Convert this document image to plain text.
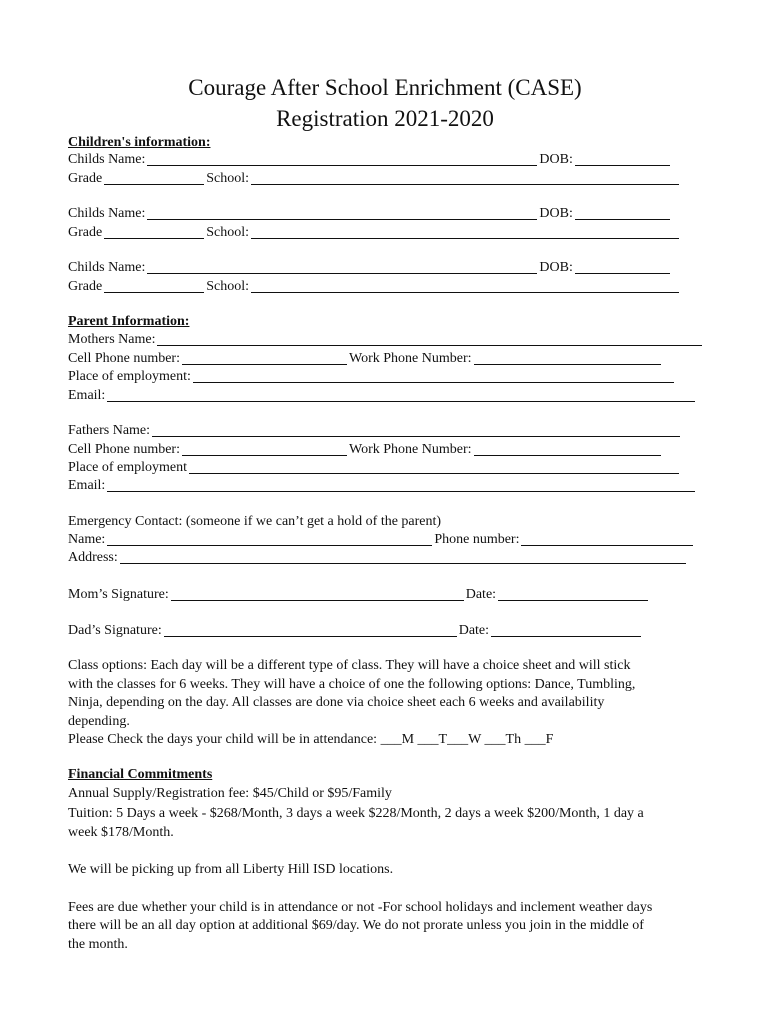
Courage After School Enrichment (CASE)
Registration 2021-2020
Children's information:
Childs Name:	DOB:
Grade	School:
Childs Name:	DOB:
Grade	School:
Childs Name:	DOB:
Grade	School:
Parent Information:
Mothers Name:
Cell Phone number:	Work Phone Number:
Place of employment:
Email:
Fathers Name:
Cell Phone number:	Work Phone Number:
Place of employment
Email:
Emergency Contact: (someone if we can’t get a hold of the parent)
Name:	Phone number:
Address:
Mom’s Signature:	Date:
Dad’s Signature:	Date:

Class options: Each day will be a different type of class. They will have a choice sheet and will stick

with the classes for 6 weeks. They will have a choice of one the following options: Dance, Tumbling,

Ninja, depending on the day. All classes are done via choice sheet each 6 weeks and availability

depending.

Please Check the days your child will be in attendance: ___M ___T___W ___Th ___F

Financial Commitments

Annual Supply/Registration fee: $45/Child or $95/Family

Tuition: 5 Days a week - $268/Month, 3 days a week $228/Month, 2 days a week $200/Month, 1 day a

week $178/Month.

We will be picking up from all Liberty Hill ISD locations.

Fees are due whether your child is in attendance or not -For school holidays and inclement weather days

there will be an all day option at additional $69/day. We do not prorate unless you join in the middle of

the month.
